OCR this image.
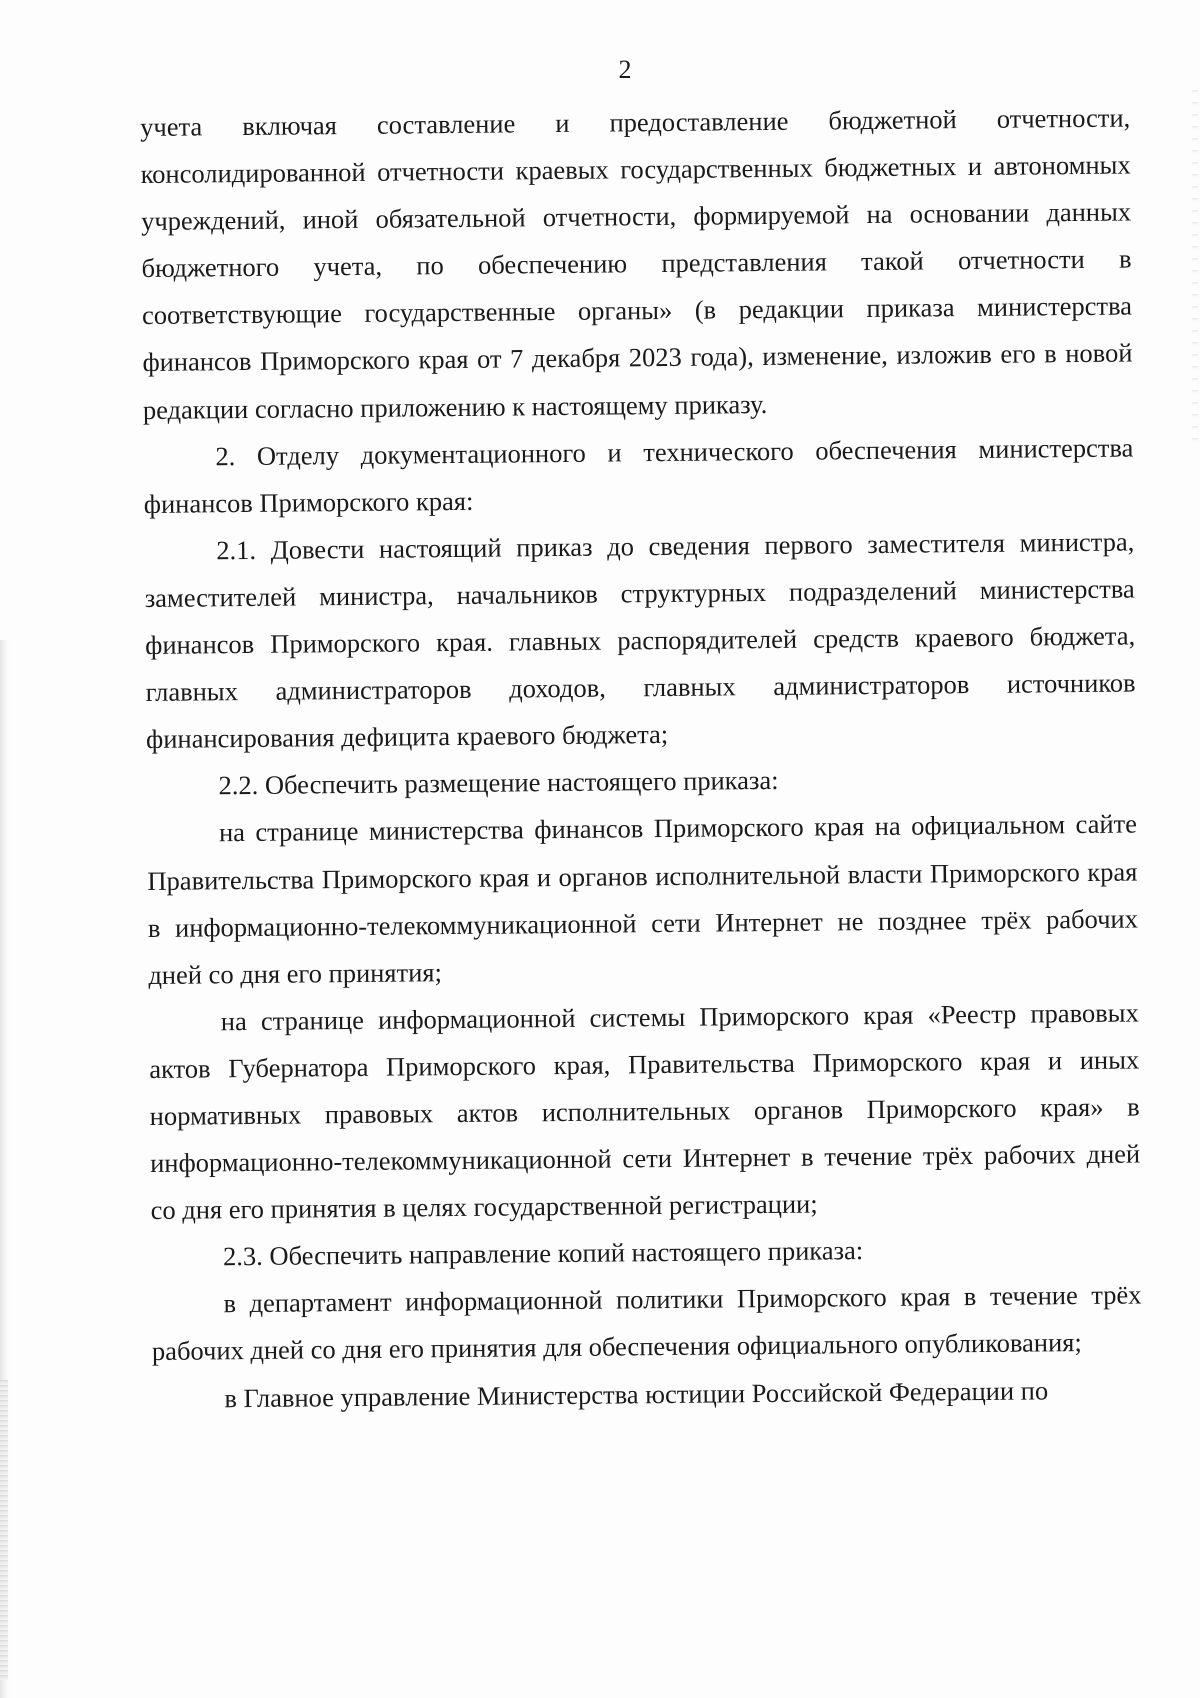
2

учета включая составление и предоставление бюджетной отчетности, консолидированной отчетности краевых государственных бюджетных и автономных учреждений, иной обязательной отчетности, формируемой на основании данных бюджетного учета, по обеспечению представления такой отчетности в соответствующие государственные органы» (в редакции приказа министерства финансов Приморского края от 7 декабря 2023 года), изменение, изложив его в новой редакции согласно приложению к настоящему приказу.

2. Отделу документационного и технического обеспечения министерства финансов Приморского края:

2.1. Довести настоящий приказ до сведения первого заместителя министра, заместителей министра, начальников структурных подразделений министерства финансов Приморского края. главных распорядителей средств краевого бюджета, главных администраторов доходов, главных администраторов источников финансирования дефицита краевого бюджета;

2.2. Обеспечить размещение настоящего приказа:

на странице министерства финансов Приморского края на официальном сайте Правительства Приморского края и органов исполнительной власти Приморского края в информационно-телекоммуникационной сети Интернет не позднее трёх рабочих дней со дня его принятия;

на странице информационной системы Приморского края «Реестр правовых актов Губернатора Приморского края, Правительства Приморского края и иных нормативных правовых актов исполнительных органов Приморского края» в информационно-телекоммуникационной сети Интернет в течение трёх рабочих дней со дня его принятия в целях государственной регистрации;

2.3. Обеспечить направление копий настоящего приказа:

в департамент информационной политики Приморского края в течение трёх рабочих дней со дня его принятия для обеспечения официального опубликования;

в Главное управление Министерства юстиции Российской Федерации по
